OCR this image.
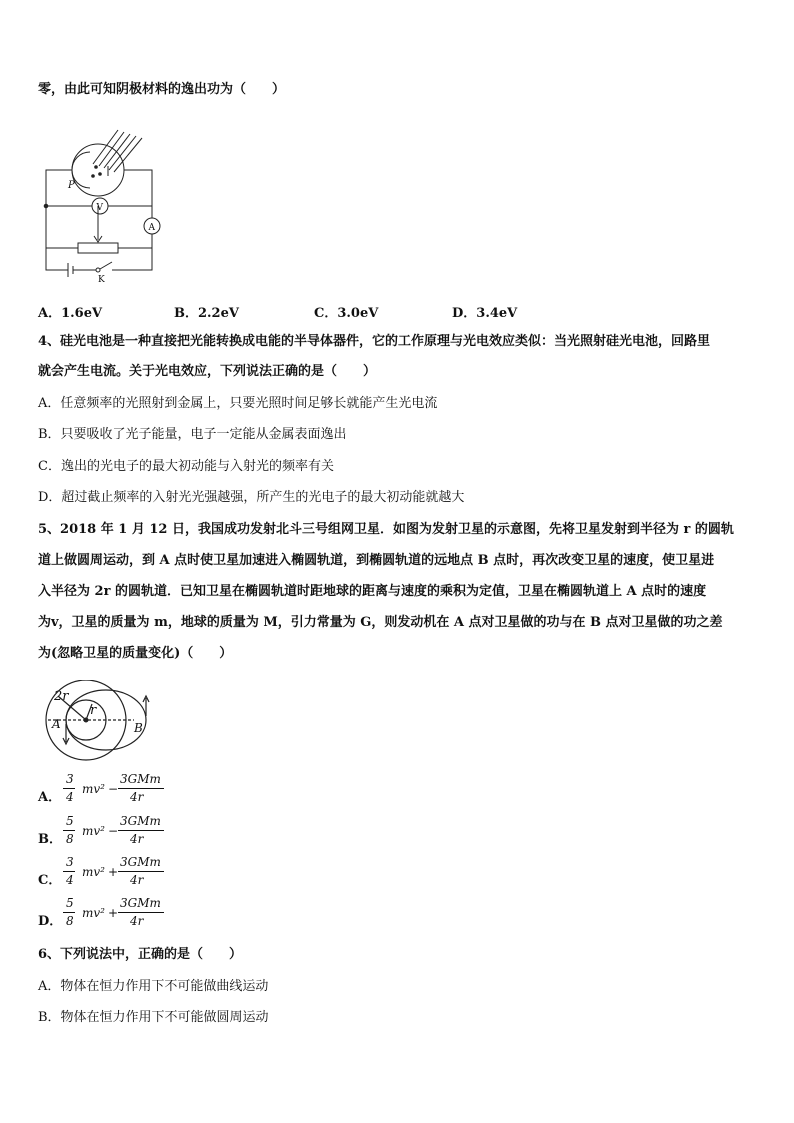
零，由此可知阴极材料的逸出功为（　　）
P
V
A
K
A．1.6eV	B．2.2eV	C．3.0eV	D．3.4eV
4、硅光电池是一种直接把光能转换成电能的半导体器件，它的工作原理与光电效应类似：当光照射硅光电池，回路里
就会产生电流。关于光电效应，下列说法正确的是（　　）
A．任意频率的光照射到金属上，只要光照时间足够长就能产生光电流
B．只要吸收了光子能量，电子一定能从金属表面逸出
C．逸出的光电子的最大初动能与入射光的频率有关
D．超过截止频率的入射光光强越强，所产生的光电子的最大初动能就越大
5、2018 年 1 月 12 日，我国成功发射北斗三号组网卫星．如图为发射卫星的示意图，先将卫星发射到半径为 r 的圆轨
道上做圆周运动，到 A 点时使卫星加速进入椭圆轨道，到椭圆轨道的远地点 B 点时，再次改变卫星的速度，使卫星进
入半径为 2r 的圆轨道．已知卫星在椭圆轨道时距地球的距离与速度的乘积为定值，卫星在椭圆轨道上 A 点时的速度
为v，卫星的质量为 m，地球的质量为 M，引力常量为 G，则发动机在 A 点对卫星做的功与在 B 点对卫星做的功之差
为(忽略卫星的质量变化)（　　）
2r
r
A	B
A．
3
4
mv² −
3GMm
4r
B．
5
8
mv² −
3GMm
4r
C．
3
4
mv² +
3GMm
4r
D．
5
8
mv² +
3GMm
4r
6、下列说法中，正确的是（　　）
A．物体在恒力作用下不可能做曲线运动
B．物体在恒力作用下不可能做圆周运动
